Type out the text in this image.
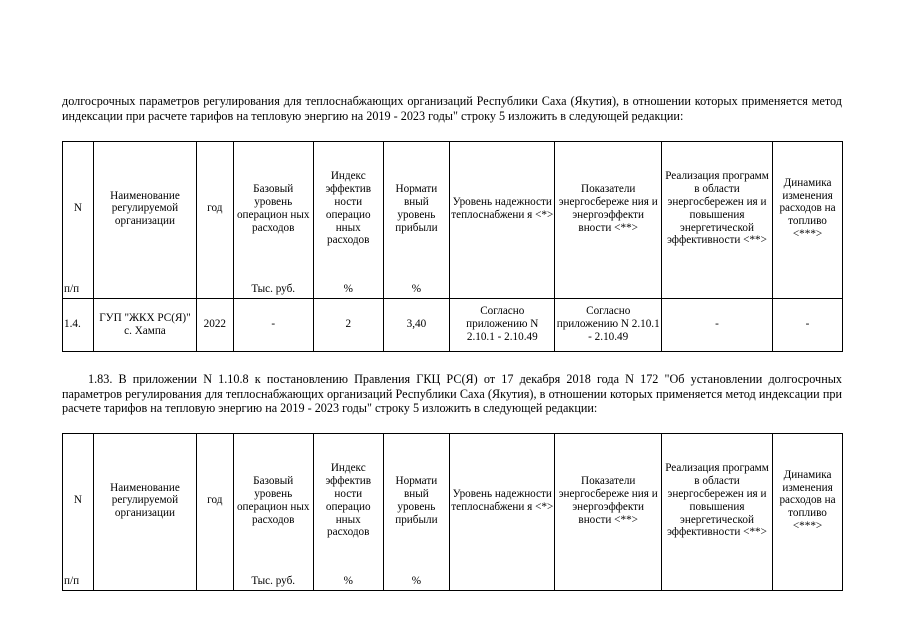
долгосрочных параметров регулирования для теплоснабжающих организаций Республики Саха (Якутия), в отношении которых применяется метод индексации при расчете тарифов на тепловую энергию на 2019 - 2023 годы" строку 5 изложить в следующей редакции:

N	Наименование регулируемой организации	год	Базовый уровень операцион ных расходов	Индекс эффектив ности операцио нных расходов	Нормати вный уровень прибыли	Уровень надежности теплоснабжени я <*>	Показатели энергосбереже ния и энергоэффекти вности <**>	Реализация программ в области энергосбережен ия и повышения энергетической эффективности <**>	Динамика изменения расходов на топливо <***>
п/п			Тыс. руб.	%	%				
1.4.	ГУП "ЖКХ РС(Я)" с. Хампа	2022	-	2	3,40	Согласно приложению N 2.10.1 - 2.10.49	Согласно приложению N 2.10.1 - 2.10.49	-	-

1.83. В приложении N 1.10.8 к постановлению Правления ГКЦ РС(Я) от 17 декабря 2018 года N 172 "Об установлении долгосрочных параметров регулирования для теплоснабжающих организаций Республики Саха (Якутия), в отношении которых применяется метод индексации при расчете тарифов на тепловую энергию на 2019 - 2023 годы" строку 5 изложить в следующей редакции:

N	Наименование регулируемой организации	год	Базовый уровень операцион ных расходов	Индекс эффектив ности операцио нных расходов	Нормати вный уровень прибыли	Уровень надежности теплоснабжени я <*>	Показатели энергосбереже ния и энергоэффекти вности <**>	Реализация программ в области энергосбережен ия и повышения энергетической эффективности <**>	Динамика изменения расходов на топливо <***>
п/п			Тыс. руб.	%	%				
